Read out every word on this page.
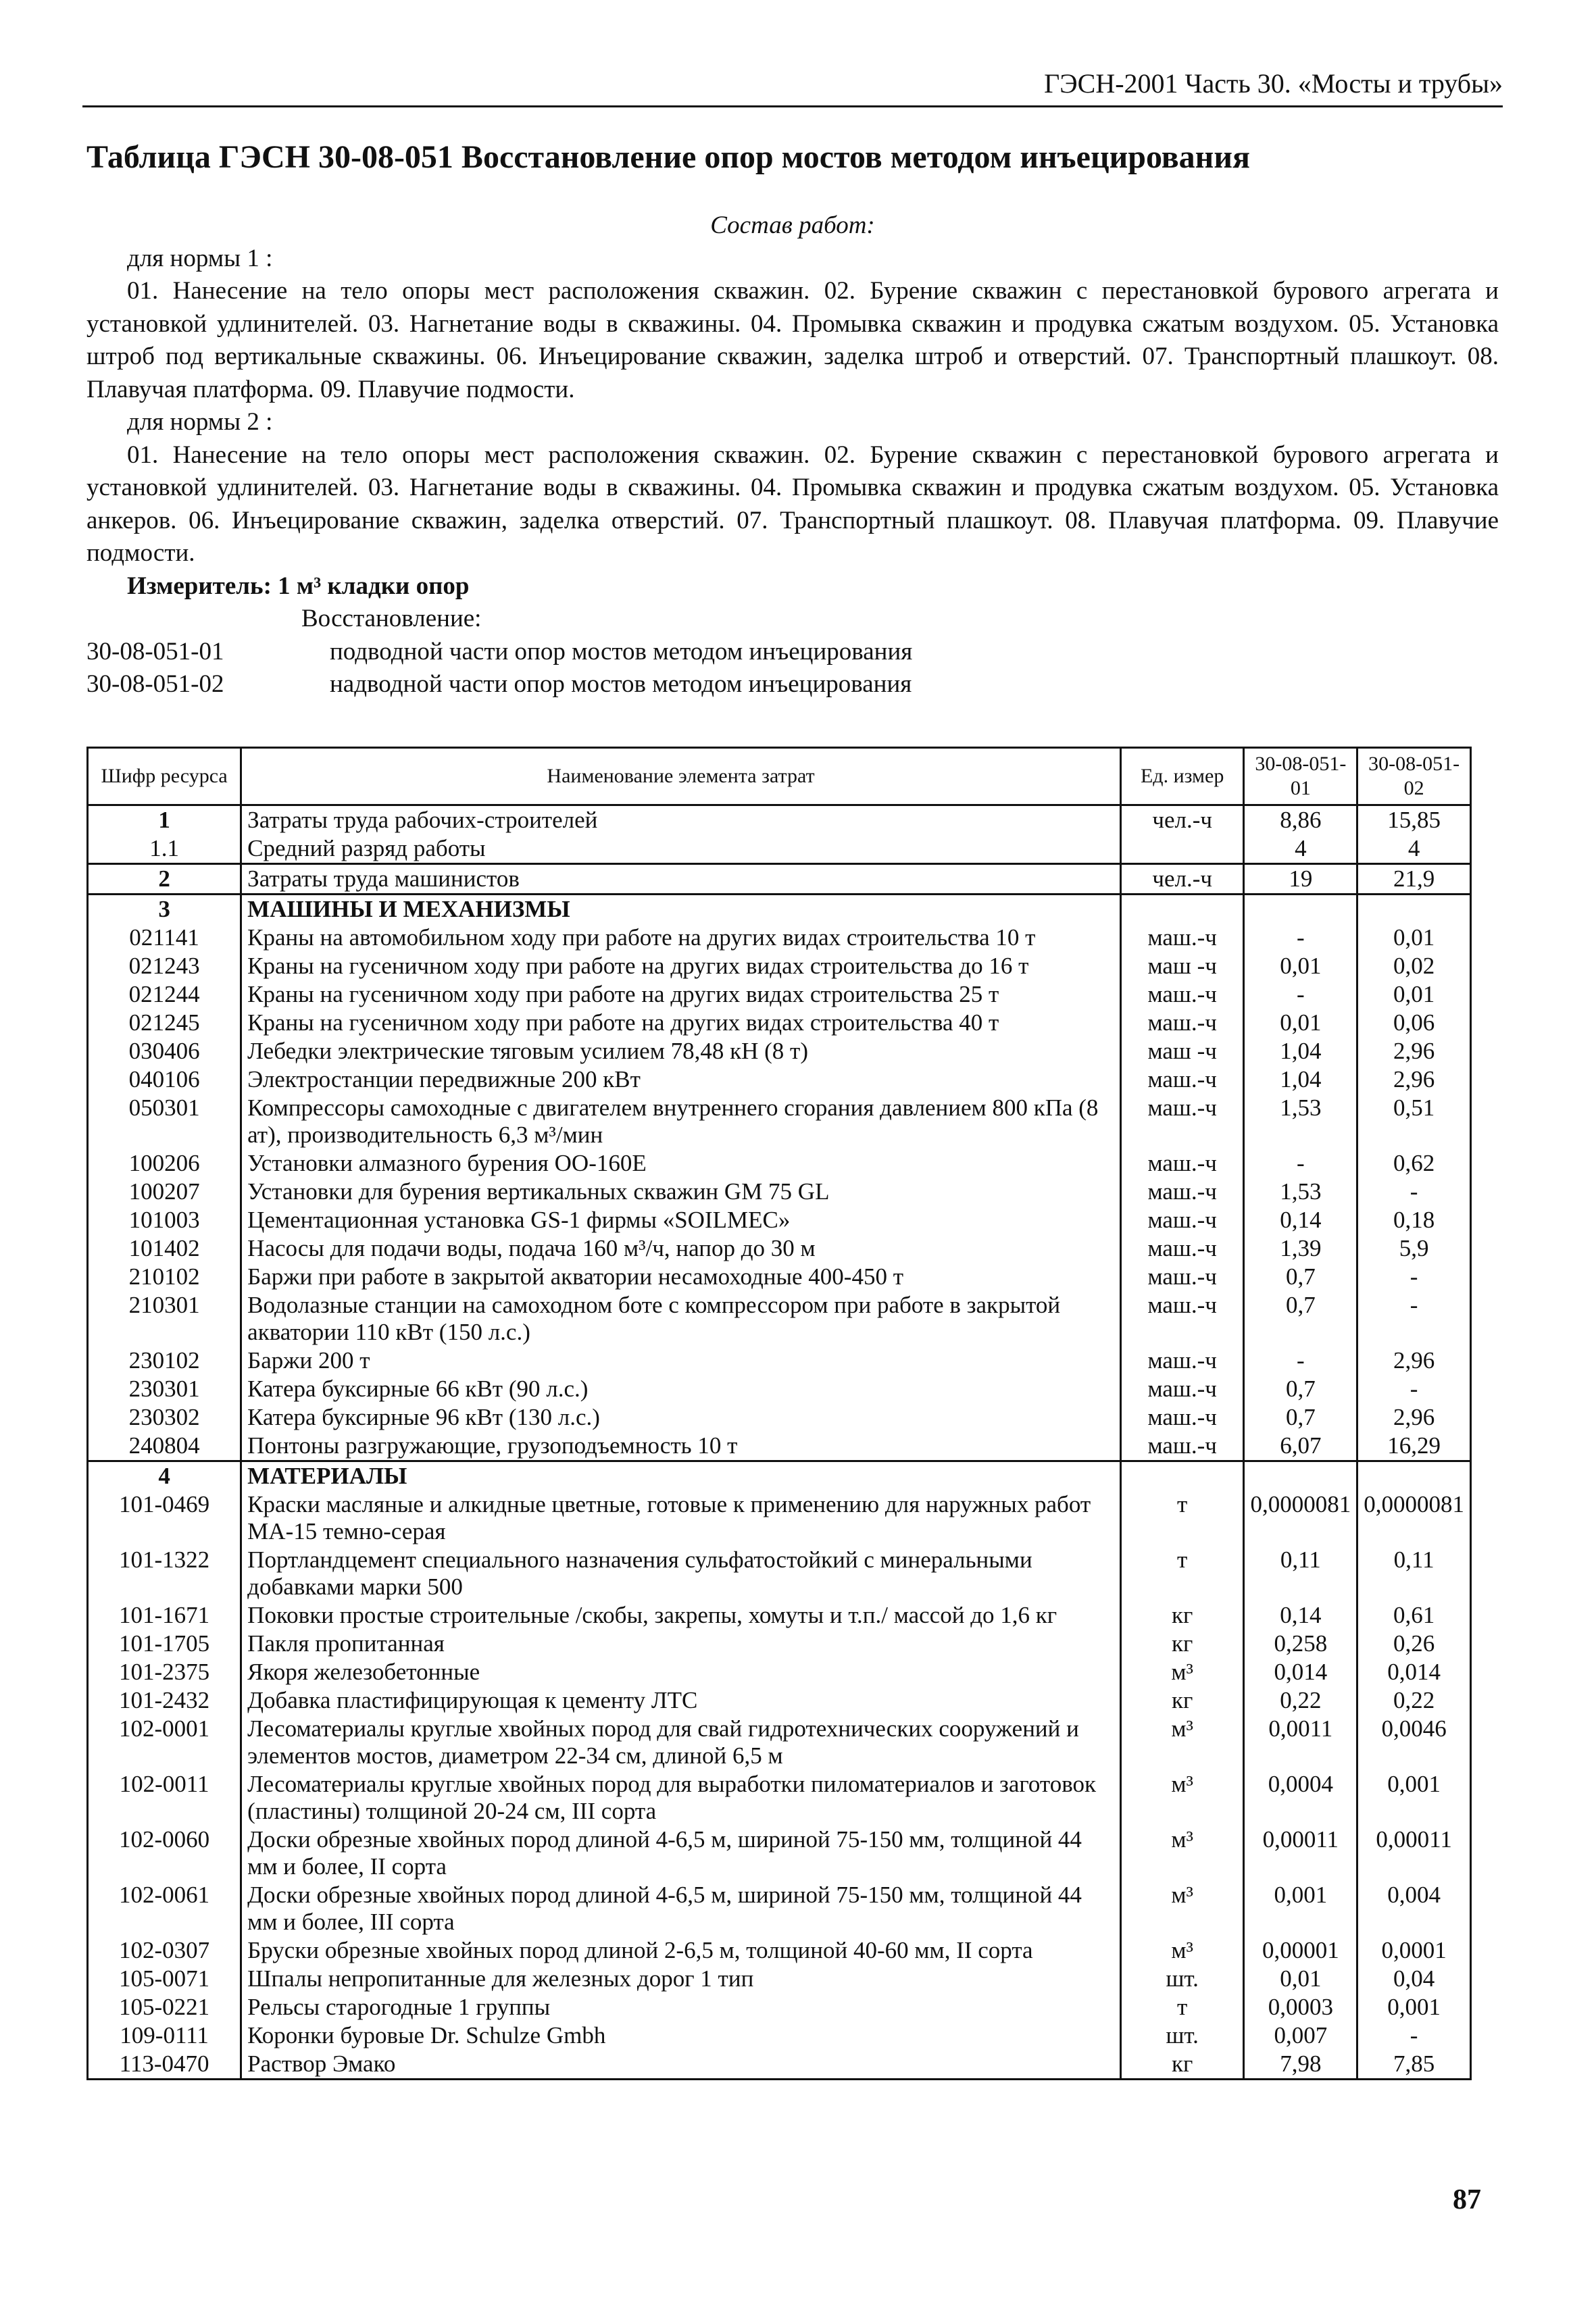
ГЭСН-2001 Часть 30. «Мосты и трубы»
Таблица ГЭСН 30-08-051 Восстановление опор мостов методом инъецирования
Состав работ:
для нормы 1 :

01. Нанесение на тело опоры мест расположения скважин. 02. Бурение скважин с перестановкой бурового агрегата и установкой удлинителей. 03. Нагнетание воды в скважины. 04. Промывка скважин и продувка сжатым воздухом. 05. Установка штроб под вертикальные скважины. 06. Инъецирование скважин, заделка штроб и отверстий. 07. Транспортный плашкоут. 08. Плавучая платформа. 09. Плавучие подмости.

для нормы 2 :

01. Нанесение на тело опоры мест расположения скважин. 02. Бурение скважин с перестановкой бурового агрегата и установкой удлинителей. 03. Нагнетание воды в скважины. 04. Промывка скважин и продувка сжатым воздухом. 05. Установка анкеров. 06. Инъецирование скважин, заделка отверстий. 07. Транспортный плашкоут. 08. Плавучая платформа. 09. Плавучие подмости.

Измеритель: 1 м³ кладки опор
Восстановление:
30-08-051-01	подводной части опор мостов методом инъецирования
30-08-051-02	надводной части опор мостов методом инъецирования
Шифр ресурса	Наименование элемента затрат	Ед. измер	30-08-051-01	30-08-051-02
1	Затраты труда рабочих-строителей	чел.-ч	8,86	15,85
1.1	Средний разряд работы		4	4
2	Затраты труда машинистов	чел.-ч	19	21,9
3	МАШИНЫ И МЕХАНИЗМЫ			
021141	Краны на автомобильном ходу при работе на других видах строительства 10 т	маш.-ч	-	0,01
021243	Краны на гусеничном ходу при работе на других видах строительства до 16 т	маш -ч	0,01	0,02
021244	Краны на гусеничном ходу при работе на других видах строительства 25 т	маш.-ч	-	0,01
021245	Краны на гусеничном ходу при работе на других видах строительства 40 т	маш.-ч	0,01	0,06
030406	Лебедки электрические тяговым усилием 78,48 кН (8 т)	маш -ч	1,04	2,96
040106	Электростанции передвижные 200 кВт	маш.-ч	1,04	2,96
050301	Компрессоры самоходные с двигателем внутреннего сгорания давлением 800 кПа (8 ат), производительность 6,3 м³/мин	маш.-ч	1,53	0,51
100206	Установки алмазного бурения ОО-160Е	маш.-ч	-	0,62
100207	Установки для бурения вертикальных скважин GM 75 GL	маш.-ч	1,53	-
101003	Цементационная установка GS-1 фирмы «SOILMEC»	маш.-ч	0,14	0,18
101402	Насосы для подачи воды, подача 160 м³/ч, напор до 30 м	маш.-ч	1,39	5,9
210102	Баржи при работе в закрытой акватории несамоходные 400-450 т	маш.-ч	0,7	-
210301	Водолазные станции на самоходном боте с компрессором при работе в закрытой акватории 110 кВт (150 л.с.)	маш.-ч	0,7	-
230102	Баржи 200 т	маш.-ч	-	2,96
230301	Катера буксирные 66 кВт (90 л.с.)	маш.-ч	0,7	-
230302	Катера буксирные 96 кВт (130 л.с.)	маш.-ч	0,7	2,96
240804	Понтоны разгружающие, грузоподъемность 10 т	маш.-ч	6,07	16,29
4	МАТЕРИАЛЫ			
101-0469	Краски масляные и алкидные цветные, готовые к применению для наружных работ МА-15 темно-серая	т	0,0000081	0,0000081
101-1322	Портландцемент специального назначения сульфатостойкий с минеральными добавками марки 500	т	0,11	0,11
101-1671	Поковки простые строительные /скобы, закрепы, хомуты и т.п./ массой до 1,6 кг	кг	0,14	0,61
101-1705	Пакля пропитанная	кг	0,258	0,26
101-2375	Якоря железобетонные	м³	0,014	0,014
101-2432	Добавка пластифицирующая к цементу ЛТС	кг	0,22	0,22
102-0001	Лесоматериалы круглые хвойных пород для свай гидротехнических сооружений и элементов мостов, диаметром 22-34 см, длиной 6,5 м	м³	0,0011	0,0046
102-0011	Лесоматериалы круглые хвойных пород для выработки пиломатериалов и заготовок (пластины) толщиной 20-24 см, III сорта	м³	0,0004	0,001
102-0060	Доски обрезные хвойных пород длиной 4-6,5 м, шириной 75-150 мм, толщиной 44 мм и более, II сорта	м³	0,00011	0,00011
102-0061	Доски обрезные хвойных пород длиной 4-6,5 м, шириной 75-150 мм, толщиной 44 мм и более, III сорта	м³	0,001	0,004
102-0307	Бруски обрезные хвойных пород длиной 2-6,5 м, толщиной 40-60 мм, II сорта	м³	0,00001	0,0001
105-0071	Шпалы непропитанные для железных дорог 1 тип	шт.	0,01	0,04
105-0221	Рельсы старогодные 1 группы	т	0,0003	0,001
109-0111	Коронки буровые Dr. Schulze Gmbh	шт.	0,007	-
113-0470	Раствор Эмако	кг	7,98	7,85
87
